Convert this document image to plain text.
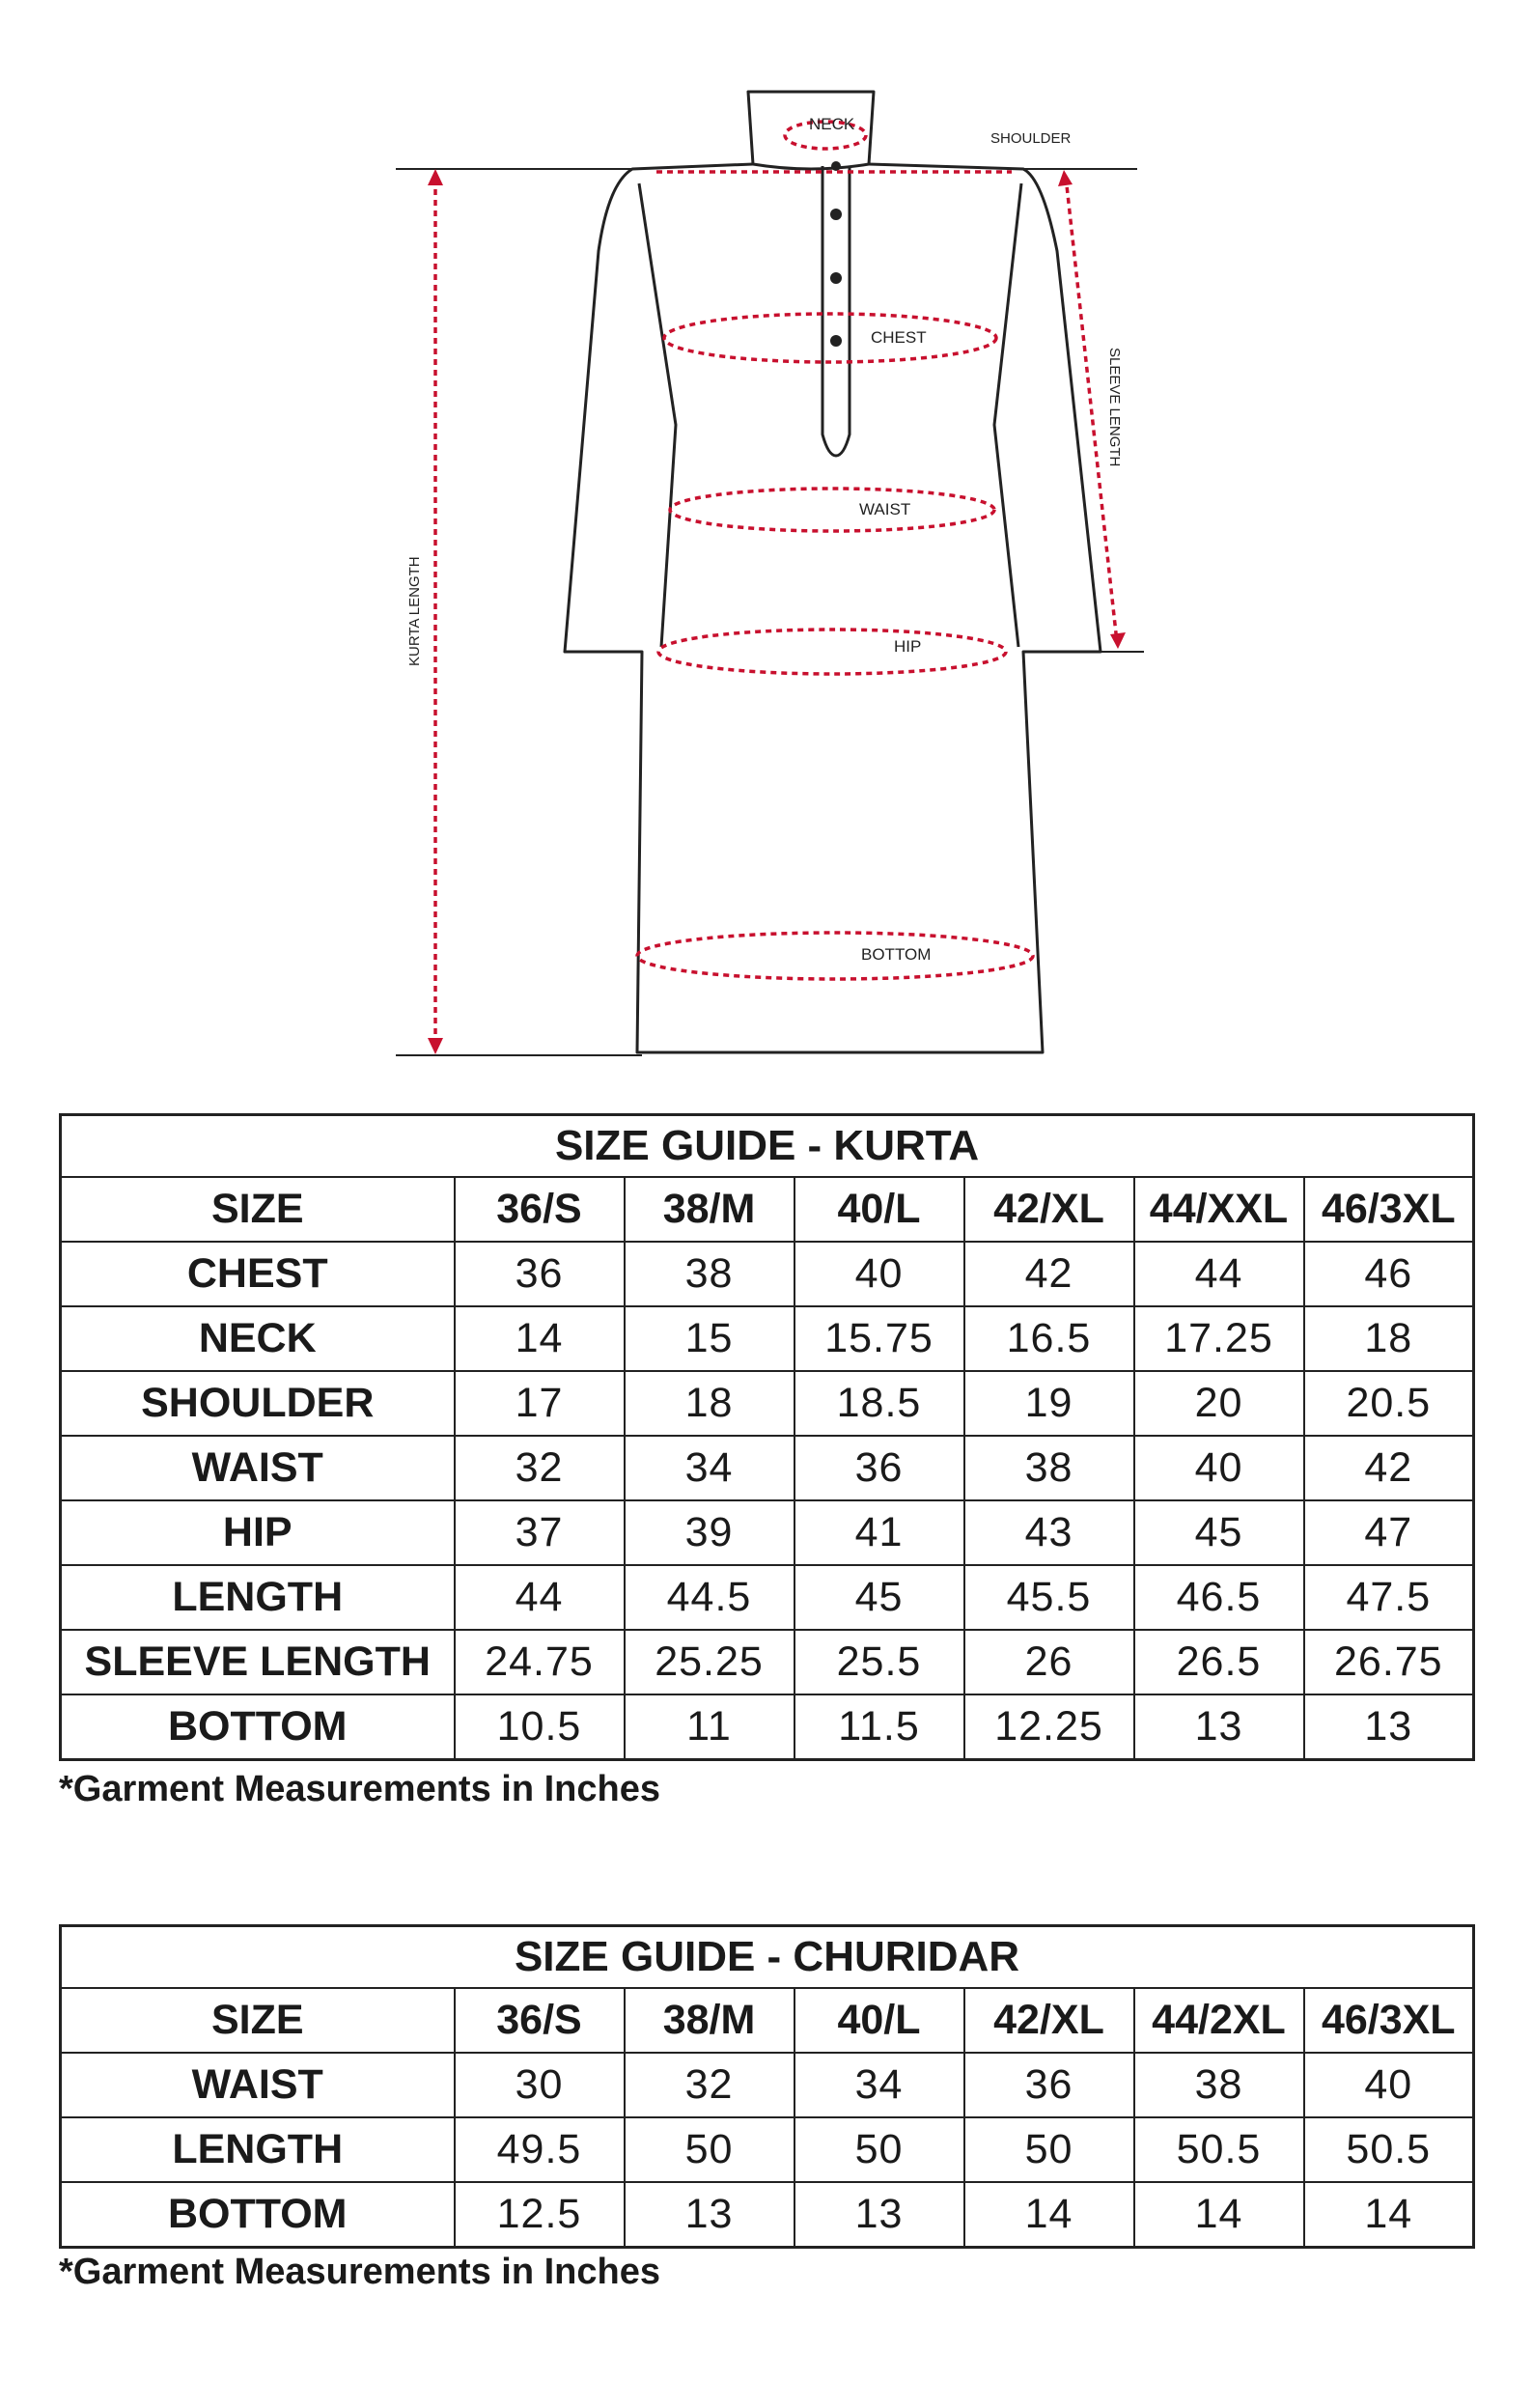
NECK
SHOULDER
CHEST
WAIST
HIP
BOTTOM
KURTA LENGTH
SLEEVE LENGTH
SIZE GUIDE - KURTA						
SIZE	36/S	38/M	40/L	42/XL	44/XXL	46/3XL
CHEST	36	38	40	42	44	46
NECK	14	15	15.75	16.5	17.25	18
SHOULDER	17	18	18.5	19	20	20.5
WAIST	32	34	36	38	40	42
HIP	37	39	41	43	45	47
LENGTH	44	44.5	45	45.5	46.5	47.5
SLEEVE LENGTH	24.75	25.25	25.5	26	26.5	26.75
BOTTOM	10.5	11	11.5	12.25	13	13
*Garment Measurements in Inches
SIZE GUIDE - CHURIDAR						
SIZE	36/S	38/M	40/L	42/XL	44/2XL	46/3XL
WAIST	30	32	34	36	38	40
LENGTH	49.5	50	50	50	50.5	50.5
BOTTOM	12.5	13	13	14	14	14
*Garment Measurements in Inches
